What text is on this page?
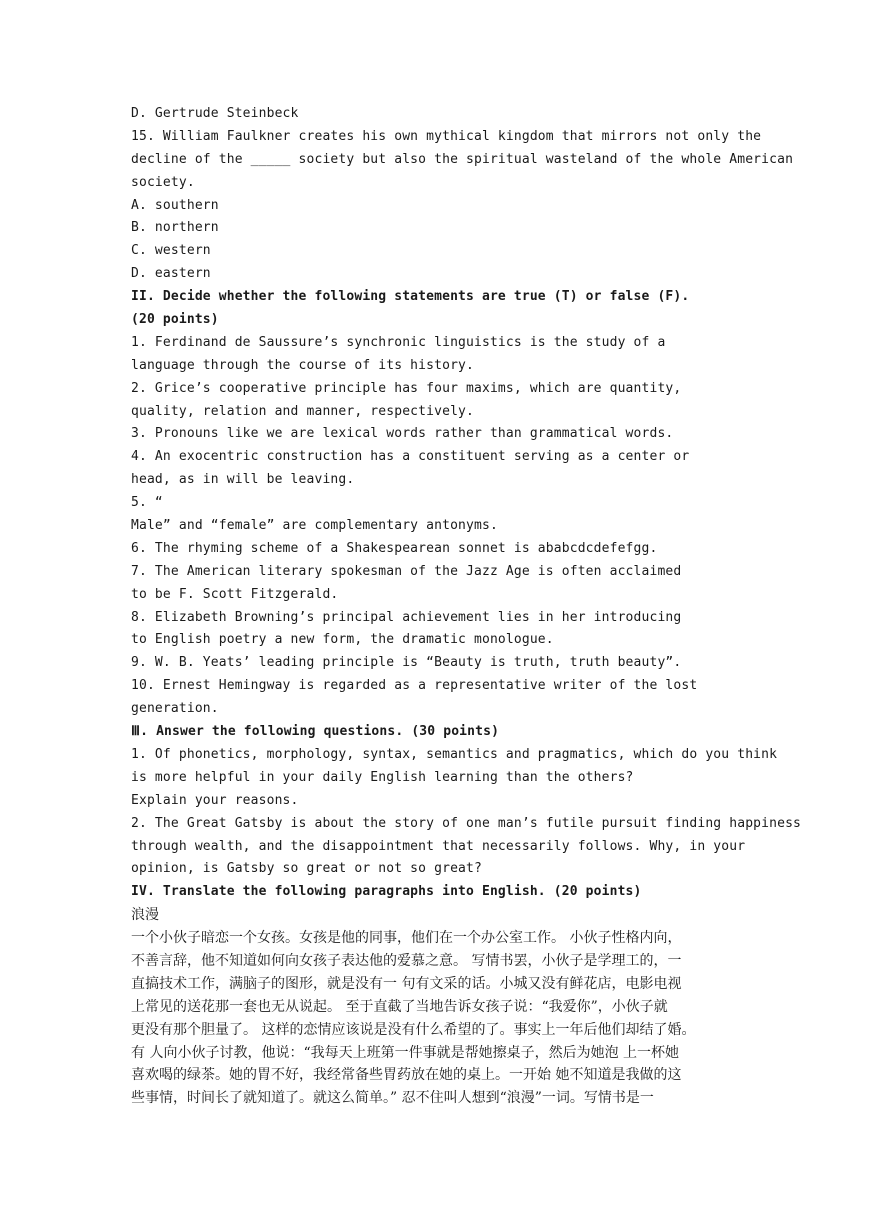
D. Gertrude Steinbeck
15. William Faulkner creates his own mythical kingdom that mirrors not only the
decline of the _____ society but also the spiritual wasteland of the whole American
society.
A. southern
B. northern
C. western
D. eastern
II. Decide whether the following statements are true (T) or false (F).
(20 points)
1. Ferdinand de Saussure’s synchronic linguistics is the study of a
language through the course of its history.
2. Grice’s cooperative principle has four maxims, which are quantity,
quality, relation and manner, respectively.
3. Pronouns like we are lexical words rather than grammatical words.
4. An exocentric construction has a constituent serving as a center or
head, as in will be leaving.
5. “
Male” and “female” are complementary antonyms.
6. The rhyming scheme of a Shakespearean sonnet is ababcdcdefefgg.
7. The American literary spokesman of the Jazz Age is often acclaimed
to be F. Scott Fitzgerald.
8. Elizabeth Browning’s principal achievement lies in her introducing
to English poetry a new form, the dramatic monologue.
9. W. B. Yeats’ leading principle is “Beauty is truth, truth beauty”.
10. Ernest Hemingway is regarded as a representative writer of the lost
generation.
Ⅲ. Answer the following questions. (30 points)
1. Of phonetics, morphology, syntax, semantics and pragmatics, which do you think
is more helpful in your daily English learning than the others?
Explain your reasons.
2. The Great Gatsby is about the story of one man’s futile pursuit finding happiness
through wealth, and the disappointment that necessarily follows. Why, in your
opinion, is Gatsby so great or not so great?
IV. Translate the following paragraphs into English. (20 points)
浪漫
一个小伙子暗恋一个女孩。女孩是他的同事，他们在一个办公室工作。 小伙子性格内向，
不善言辞，他不知道如何向女孩子表达他的爱慕之意。 写情书罢，小伙子是学理工的，一
直搞技术工作，满脑子的图形，就是没有一 句有文采的话。小城又没有鲜花店，电影电视
上常见的送花那一套也无从说起。 至于直截了当地告诉女孩子说：“我爱你”，小伙子就
更没有那个胆量了。 这样的恋情应该说是没有什么希望的了。事实上一年后他们却结了婚。
有 人向小伙子讨教，他说：“我每天上班第一件事就是帮她擦桌子，然后为她泡 上一杯她
喜欢喝的绿茶。她的胃不好，我经常备些胃药放在她的桌上。一开始 她不知道是我做的这
些事情，时间长了就知道了。就这么简单。” 忍不住叫人想到“浪漫”一词。写情书是一
